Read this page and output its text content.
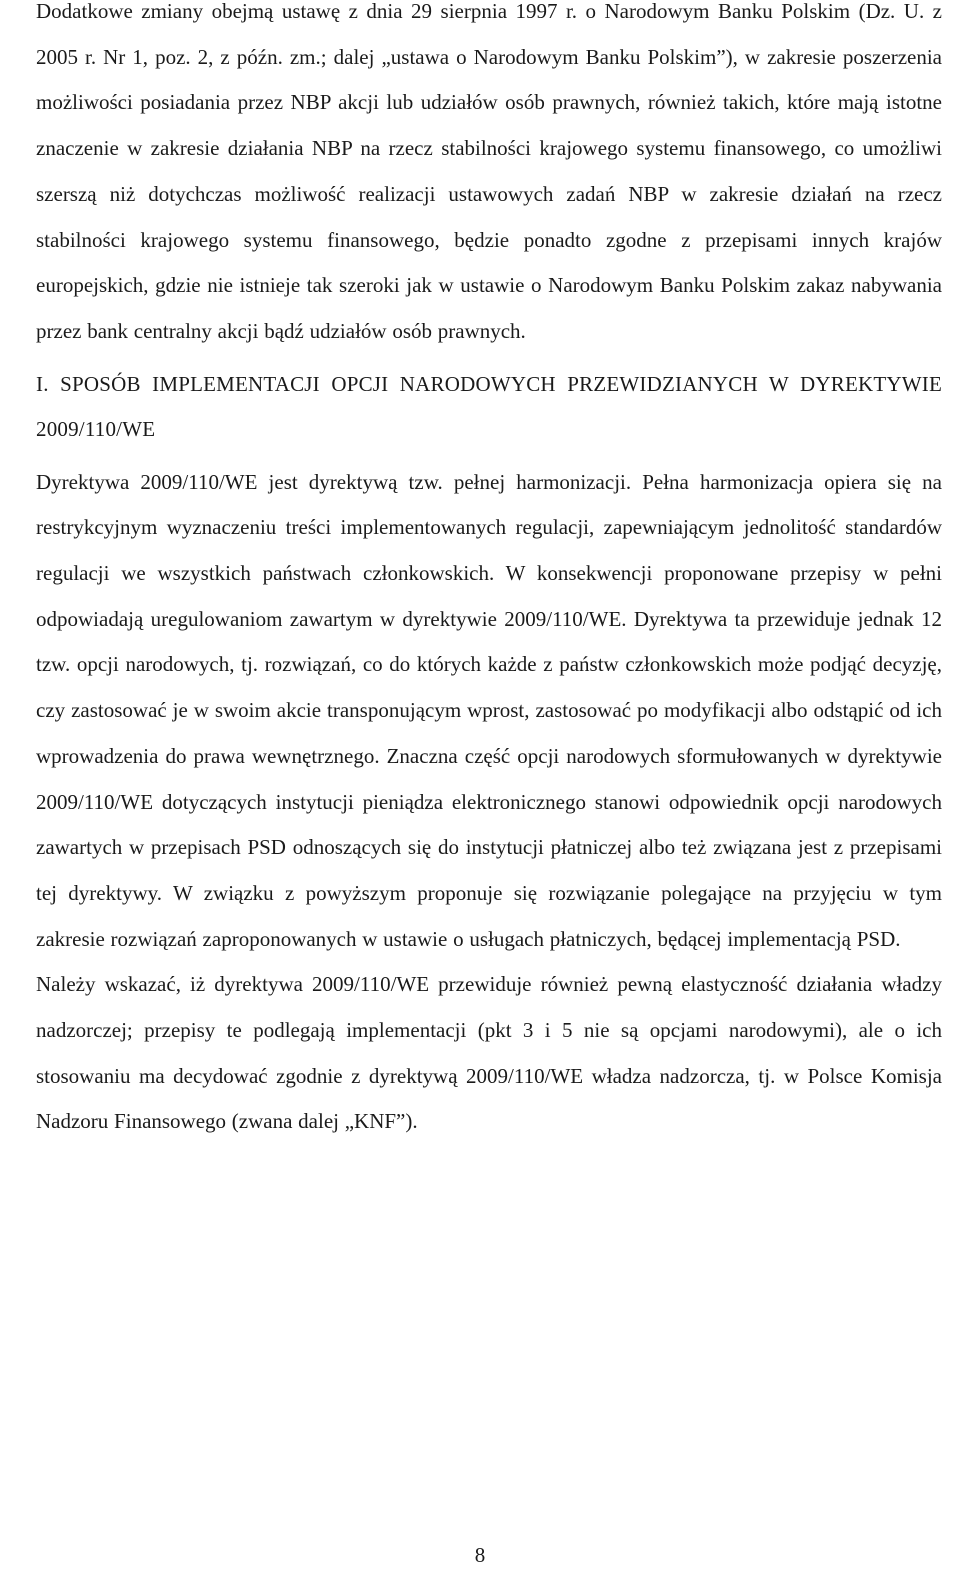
Dodatkowe zmiany obejmą ustawę z dnia 29 sierpnia 1997 r. o Narodowym Banku Polskim (Dz. U. z 2005 r. Nr 1, poz. 2, z późn. zm.; dalej „ustawa o Narodowym Banku Polskim”), w zakresie poszerzenia możliwości posiadania przez NBP akcji lub udziałów osób prawnych, również takich, które mają istotne znaczenie w zakresie działania NBP na rzecz stabilności krajowego systemu finansowego, co umożliwi szerszą niż dotychczas możliwość realizacji ustawowych zadań NBP w zakresie działań na rzecz stabilności krajowego systemu finansowego, będzie ponadto zgodne z przepisami innych krajów europejskich, gdzie nie istnieje tak szeroki jak w ustawie o Narodowym Banku Polskim zakaz nabywania przez bank centralny akcji bądź udziałów osób prawnych.

I. SPOSÓB IMPLEMENTACJI OPCJI NARODOWYCH PRZEWIDZIANYCH W DYREKTYWIE 2009/110/WE

Dyrektywa 2009/110/WE jest dyrektywą tzw. pełnej harmonizacji. Pełna harmonizacja opiera się na restrykcyjnym wyznaczeniu treści implementowanych regulacji, zapewniającym jednolitość standardów regulacji we wszystkich państwach członkowskich. W konsekwencji proponowane przepisy w pełni odpowiadają uregulowaniom zawartym w dyrektywie 2009/110/WE. Dyrektywa ta przewiduje jednak 12 tzw. opcji narodowych, tj. rozwiązań, co do których każde z państw członkowskich może podjąć decyzję, czy zastosować je w swoim akcie transponującym wprost, zastosować po modyfikacji albo odstąpić od ich wprowadzenia do prawa wewnętrznego. Znaczna część opcji narodowych sformułowanych w dyrektywie 2009/110/WE dotyczących instytucji pieniądza elektronicznego stanowi odpowiednik opcji narodowych zawartych w przepisach PSD odnoszących się do instytucji płatniczej albo też związana jest z przepisami tej dyrektywy. W związku z powyższym proponuje się rozwiązanie polegające na przyjęciu w tym zakresie rozwiązań zaproponowanych w ustawie o usługach płatniczych, będącej implementacją PSD.

Należy wskazać, iż dyrektywa 2009/110/WE przewiduje również pewną elastyczność działania władzy nadzorczej; przepisy te podlegają implementacji (pkt 3 i 5 nie są opcjami narodowymi), ale o ich stosowaniu ma decydować zgodnie z dyrektywą 2009/110/WE władza nadzorcza, tj. w Polsce Komisja Nadzoru Finansowego (zwana dalej „KNF”).

8
